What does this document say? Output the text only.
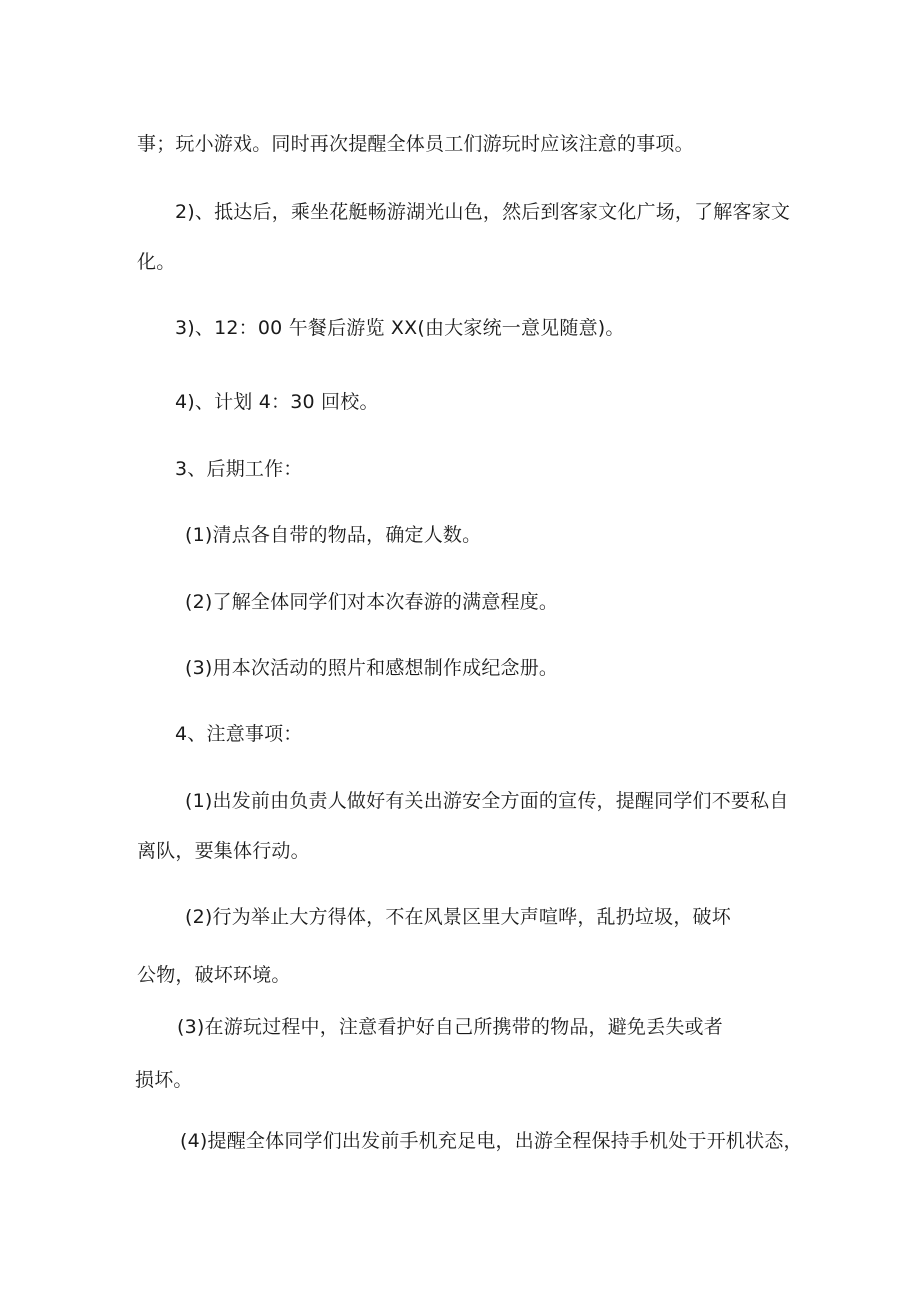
事；玩小游戏。同时再次提醒全体员工们游玩时应该注意的事项。
2)、抵达后，乘坐花艇畅游湖光山色，然后到客家文化广场，了解客家文
化。
3)、12：00 午餐后游览 XX(由大家统一意见随意)。
4)、计划 4：30 回校。
3、后期工作：
(1)清点各自带的物品，确定人数。
(2)了解全体同学们对本次春游的满意程度。
(3)用本次活动的照片和感想制作成纪念册。
4、注意事项：
(1)出发前由负责人做好有关出游安全方面的宣传，提醒同学们不要私自
离队，要集体行动。
(2)行为举止大方得体，不在风景区里大声喧哗，乱扔垃圾，破坏
公物，破坏环境。
(3)在游玩过程中，注意看护好自己所携带的物品，避免丢失或者
损坏。
(4)提醒全体同学们出发前手机充足电，出游全程保持手机处于开机状态，
